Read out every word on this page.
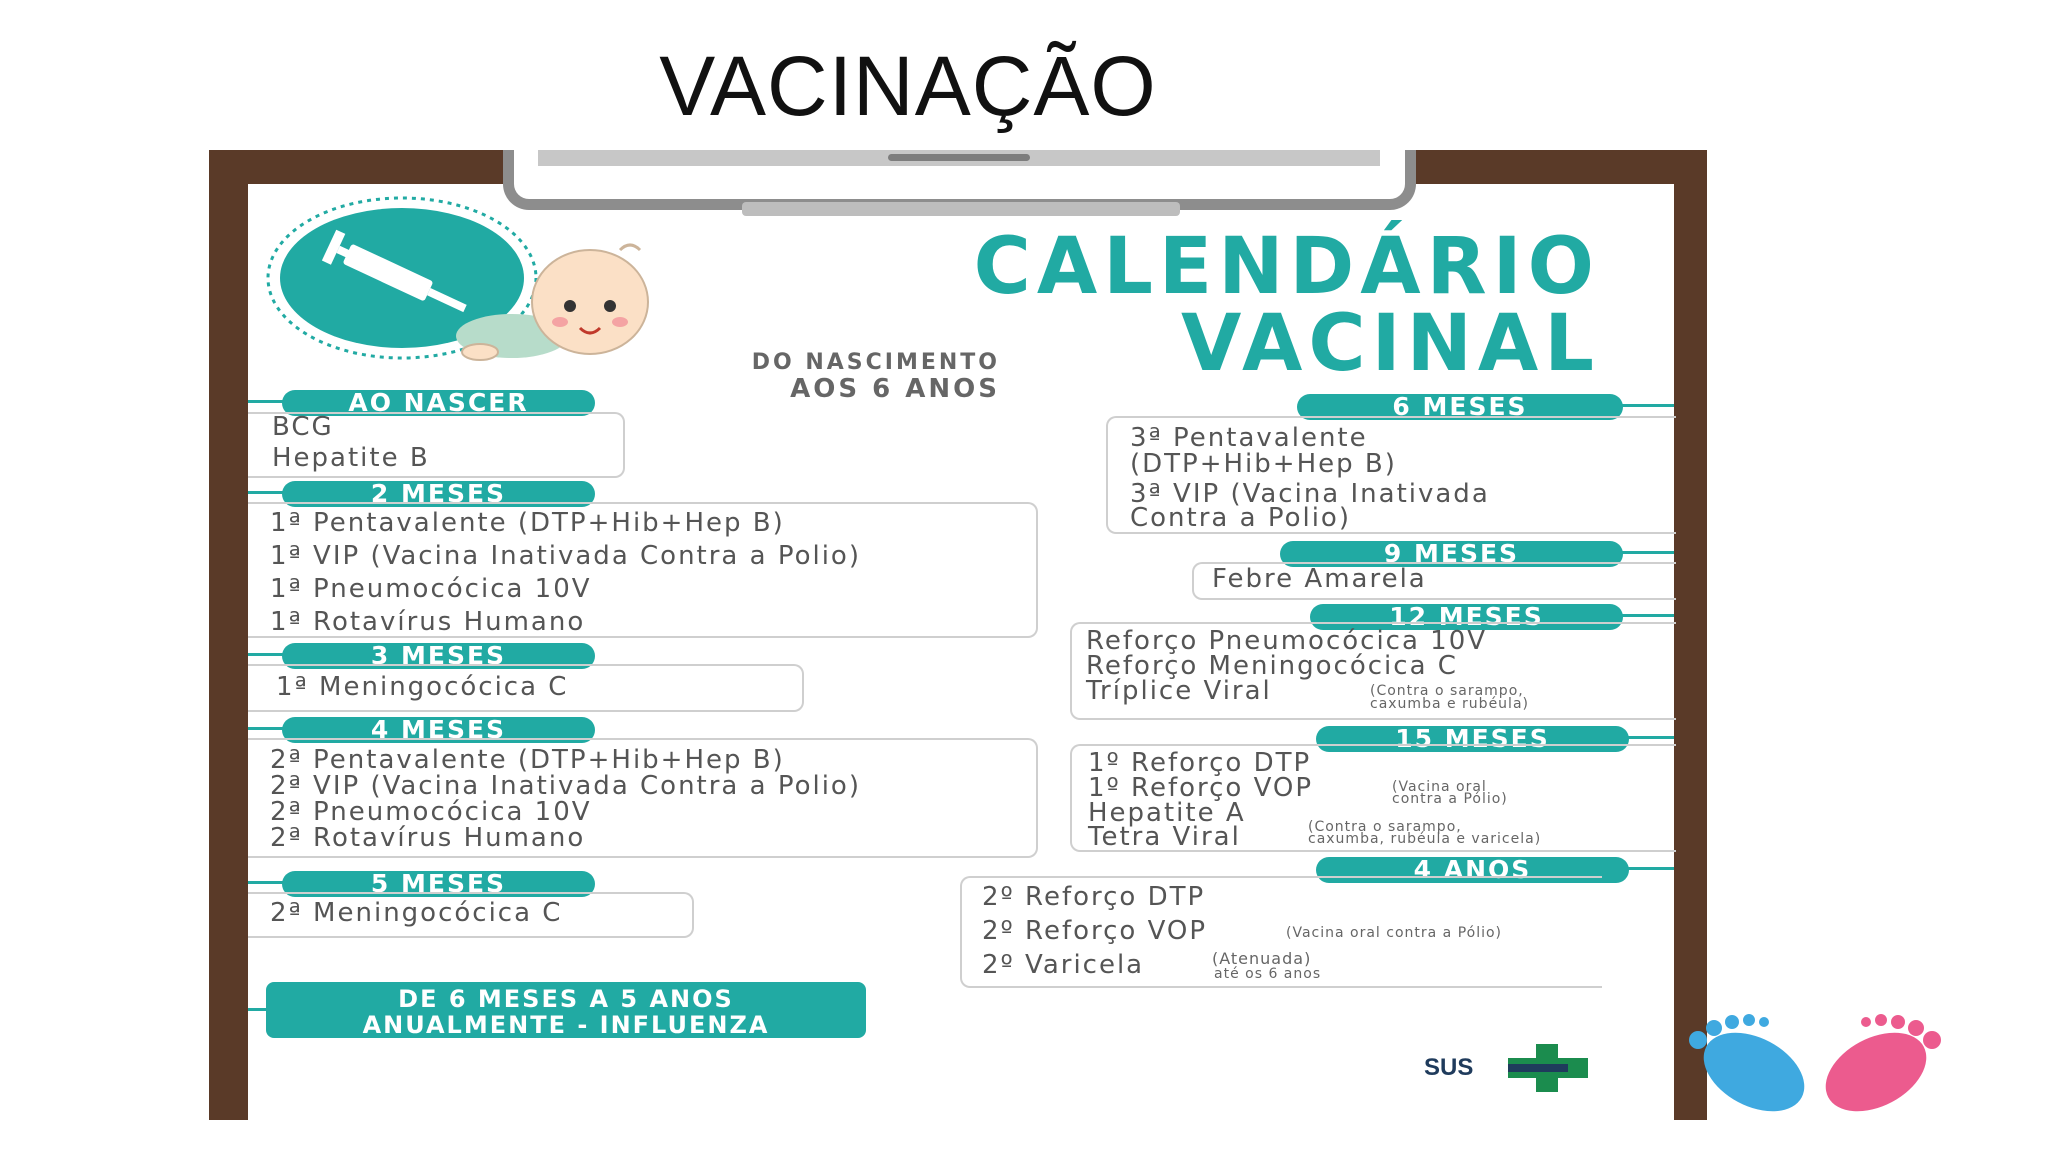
VACINAÇÃO
CALENDÁRIO
VACINAL
DO NASCIMENTO
AOS 6 ANOS
AO NASCER
BCG
Hepatite B
2 MESES
1ª Pentavalente (DTP+Hib+Hep B)
1ª VIP (Vacina Inativada Contra a Polio)
1ª Pneumocócica 10V
1ª Rotavírus Humano
3 MESES
1ª Meningocócica C
4 MESES
2ª Pentavalente (DTP+Hib+Hep B)
2ª VIP (Vacina Inativada Contra a Polio)
2ª Pneumocócica 10V
2ª Rotavírus Humano
5 MESES
2ª Meningocócica C
DE 6 MESES A 5 ANOS
ANUALMENTE - INFLUENZA
6 MESES
3ª Pentavalente
(DTP+Hib+Hep B)
3ª VIP (Vacina Inativada
Contra a Polio)
9 MESES
Febre Amarela
12 MESES
Reforço Pneumocócica 10V
Reforço Meningocócica C
Tríplice Viral	(Contra o sarampo,
caxumba e rubéula)
15 MESES
1º Reforço DTP
1º Reforço VOP	(Vacina oral
contra a Pólio)
Hepatite A
Tetra Viral	(Contra o sarampo,
caxumba, rubéula e varicela)
4 ANOS
2º Reforço DTP
2º Reforço VOP	(Vacina oral contra a Pólio)
2º Varicela	(Atenuada)
até os 6 anos
SUS
